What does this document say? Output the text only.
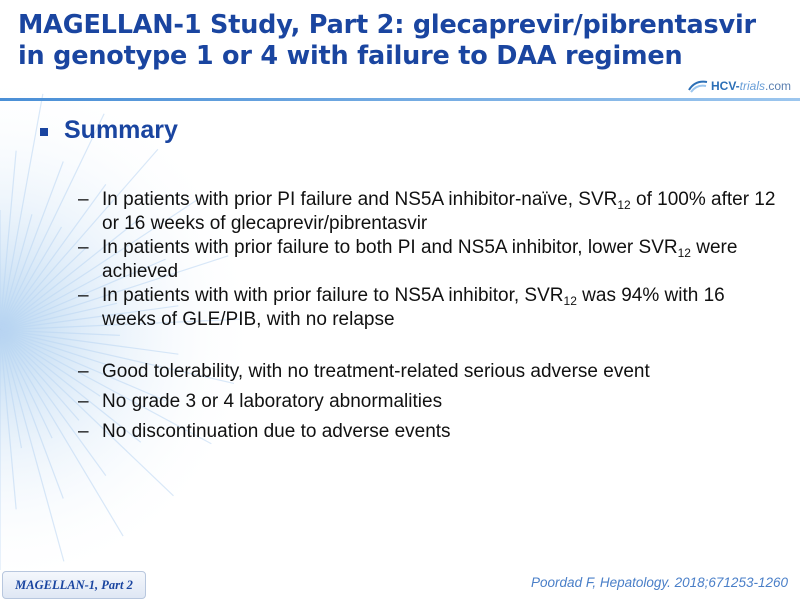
MAGELLAN-1 Study, Part 2: glecaprevir/pibrentasvir
in genotype 1 or 4 with failure to DAA regimen
HCV- trials .com
Summary
– In patients with prior PI failure and NS5A inhibitor-naïve, $SVR_{12}$ of 100% after 12 or 16 weeks of glecaprevir/pibrentasvir
– In patients with prior failure to both PI and NS5A inhibitor, lower $SVR_{12}$ were achieved
– In patients with with prior failure to NS5A inhibitor, $SVR_{12}$ was 94% with 16 weeks of GLE/PIB, with no relapse
– Good tolerability, with no treatment-related serious adverse event
– No grade 3 or 4 laboratory abnormalities
– No discontinuation due to adverse events
MAGELLAN-1, Part 2	Poordad F, Hepatology. 2018;671253-1260
